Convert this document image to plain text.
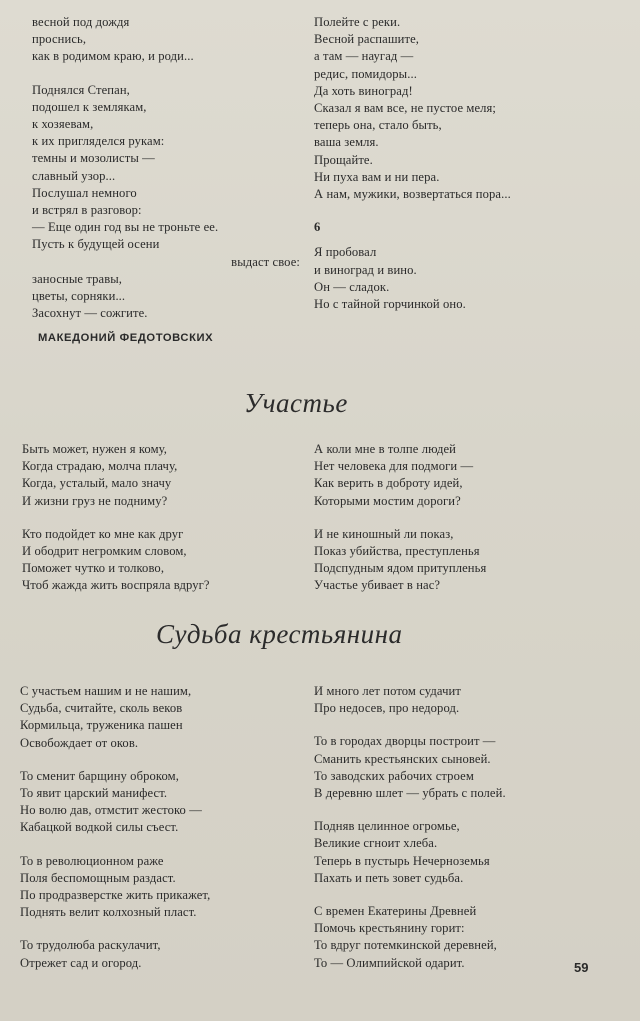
весной под дождя
проснись,
как в родимом краю, и роди...
Поднялся Степан,
подошел к землякам,
к хозяевам,
к их пригляделся рукам:
темны и мозолисты —
славный узор...
Послушал немного
и встрял в разговор:
— Еще один год вы не троньте ее.
Пусть к будущей осени
выдаст свое:
заносные травы,
цветы, сорняки...
Засохнут — сожгите.
Полейте с реки.
Весной распашите,
а там — наугад —
редис, помидоры...
Да хоть виноград!
Сказал я вам все, не пустое меля;
теперь она, стало быть,
ваша земля.
Прощайте.
Ни пуха вам и ни пера.
А нам, мужики, возвертаться пора...
6
Я пробовал
и виноград и вино.
Он — сладок.
Но с тайной горчинкой оно.
МАКЕДОНИЙ ФЕДОТОВСКИХ
Участье
Быть может, нужен я кому,
Когда страдаю, молча плачу,
Когда, усталый, мало значу
И жизни груз не подниму?
Кто подойдет ко мне как друг
И ободрит негромким словом,
Поможет чутко и толково,
Чтоб жажда жить воспряла вдруг?
А коли мне в толпе людей
Нет человека для подмоги —
Как верить в доброту идей,
Которыми мостим дороги?
И не киношный ли показ,
Показ убийства, преступленья
Подспудным ядом притупленья
Участье убивает в нас?
Судьба крестьянина
С участьем нашим и не нашим,
Судьба, считайте, сколь веков
Кормильца, труженика пашен
Освобождает от оков.
То сменит барщину оброком,
То явит царский манифест.
Но волю дав, отмстит жестоко —
Кабацкой водкой силы съест.
То в революционном раже
Поля беспомощным раздаст.
По продразверстке жить прикажет,
Поднять велит колхозный пласт.
То трудолюба раскулачит,
Отрежет сад и огород.
И много лет потом судачит
Про недосев, про недород.
То в городах дворцы построит —
Сманить крестьянских сыновей.
То заводских рабочих строем
В деревню шлет — убрать с полей.
Подняв целинное огромье,
Великие сгноит хлеба.
Теперь в пустырь Нечерноземья
Пахать и петь зовет судьба.
С времен Екатерины Древней
Помочь крестьянину горит:
То вдруг потемкинской деревней,
То — Олимпийской одарит.	59
